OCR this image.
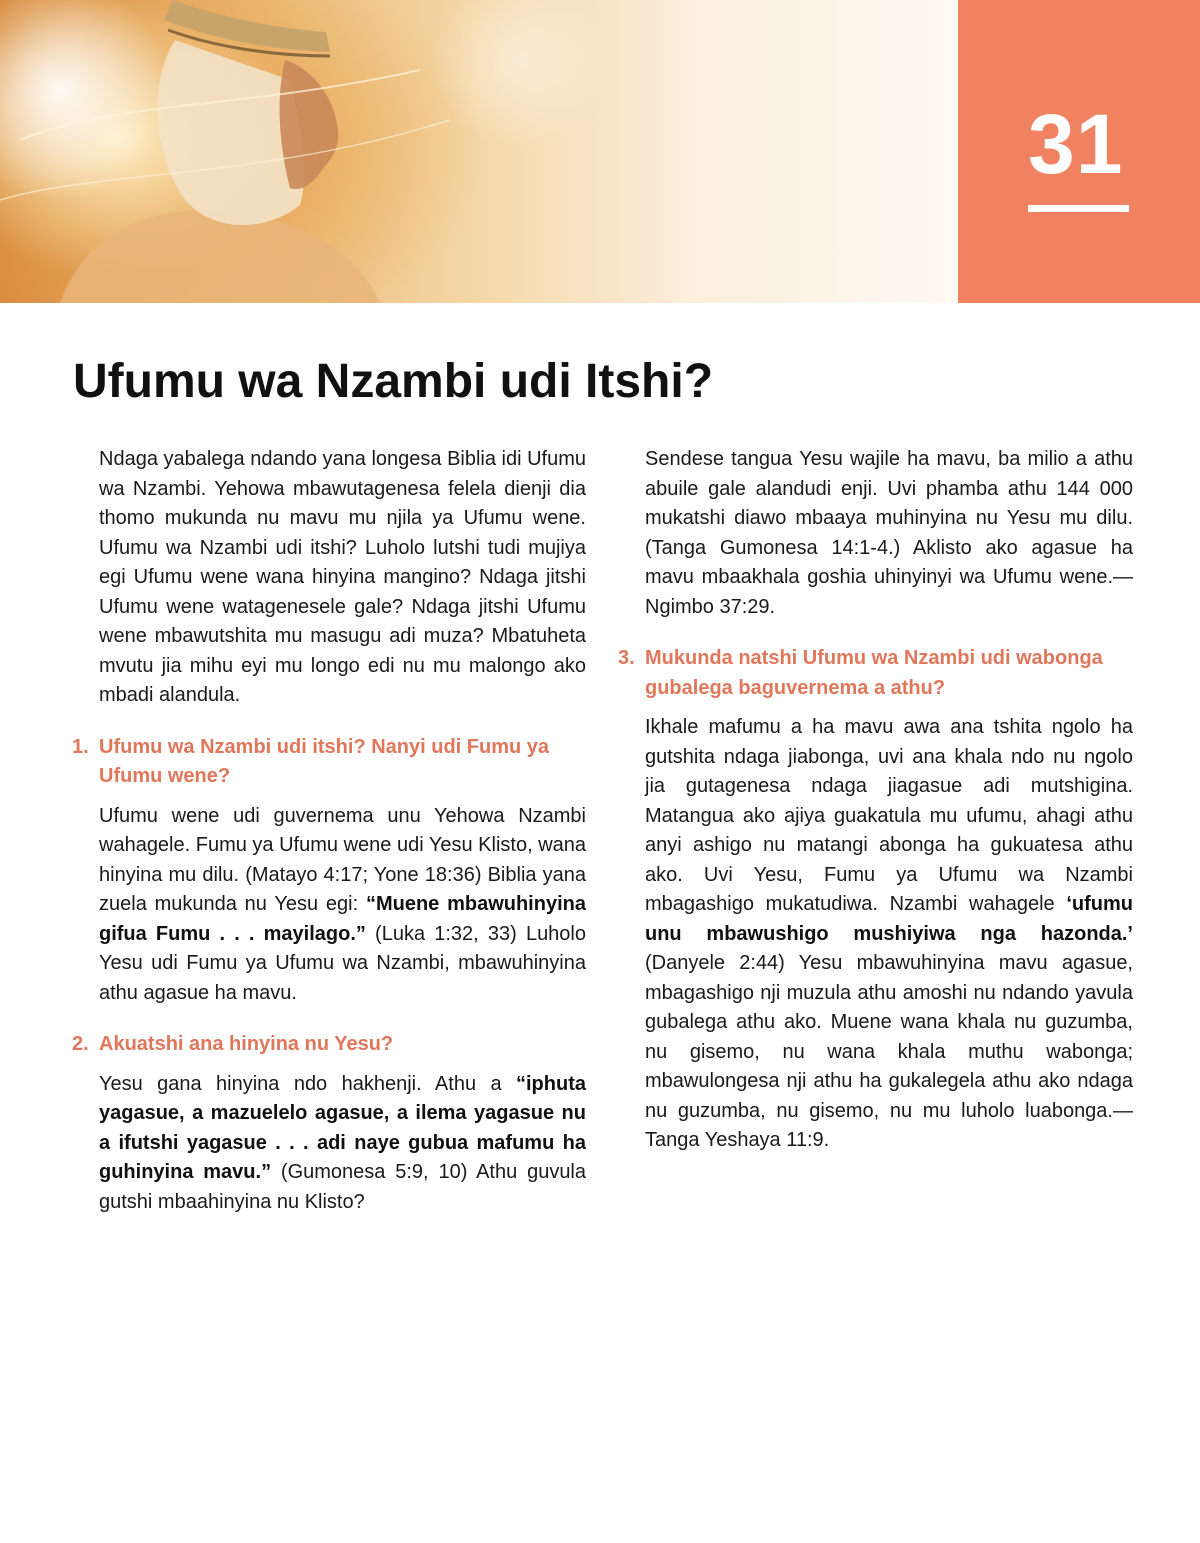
31
Ufumu wa Nzambi udi Itshi?

Ndaga yabalega ndando yana longesa Biblia idi Ufumu wa Nzambi. Yehowa mbawutagenesa felela dienji dia thomo mukunda nu mavu mu njila ya Ufumu wene. Ufumu wa Nzambi udi itshi? Luholo lutshi tudi mujiya egi Ufumu wene wana hinyina mangino? Ndaga jitshi Ufumu wene watagenesele gale? Ndaga jitshi Ufumu wene mbawutshita mu masugu adi muza? Mbatuheta mvutu jia mihu eyi mu longo edi nu mu malongo ako mbadi alandula.

1. Ufumu wa Nzambi udi itshi? Nanyi udi Fumu ya Ufumu wene?

Ufumu wene udi guvernema unu Yehowa Nzambi wahagele. Fumu ya Ufumu wene udi Yesu Klisto, wana hinyina mu dilu. (Matayo 4:17; Yone 18:36) Biblia yana zuela mukunda nu Yesu egi: “Muene mbawuhinyina gifua Fumu . . . mayilago.” (Luka 1:32, 33) Luholo Yesu udi Fumu ya Ufumu wa Nzambi, mbawuhinyina athu agasue ha mavu.

2. Akuatshi ana hinyina nu Yesu?

Yesu gana hinyina ndo hakhenji. Athu a “iphuta yagasue, a mazuelelo agasue, a ilema yagasue nu a ifutshi yagasue . . . adi naye gubua mafumu ha guhinyina mavu.” (Gumonesa 5:9, 10) Athu guvula gutshi mbaahinyina nu Klisto?

Sendese tangua Yesu wajile ha mavu, ba milio a athu abuile gale alandudi enji. Uvi phamba athu 144 000 mukatshi diawo mbaaya muhinyina nu Yesu mu dilu. (Tanga Gumonesa 14:1-4.) Aklisto ako agasue ha mavu mbaakhala goshia uhinyinyi wa Ufumu wene.—Ngimbo 37:29.

3. Mukunda natshi Ufumu wa Nzambi udi wabonga gubalega baguvernema a athu?

Ikhale mafumu a ha mavu awa ana tshita ngolo ha gutshita ndaga jiabonga, uvi ana khala ndo nu ngolo jia gutagenesa ndaga jiagasue adi mutshigina. Matangua ako ajiya guakatula mu ufumu, ahagi athu anyi ashigo nu matangi abonga ha gukuatesa athu ako. Uvi Yesu, Fumu ya Ufumu wa Nzambi mbagashigo mukatudiwa. Nzambi wahagele ‘ufumu unu mbawushigo mushiyiwa nga hazonda.’ (Danyele 2:44) Yesu mbawuhinyina mavu agasue, mbagashigo nji muzula athu amoshi nu ndando yavula gubalega athu ako. Muene wana khala nu guzumba, nu gisemo, nu wana khala muthu wabonga; mbawulongesa nji athu ha gukalegela athu ako ndaga nu guzumba, nu gisemo, nu mu luholo luabonga.—Tanga Yeshaya 11:9.
